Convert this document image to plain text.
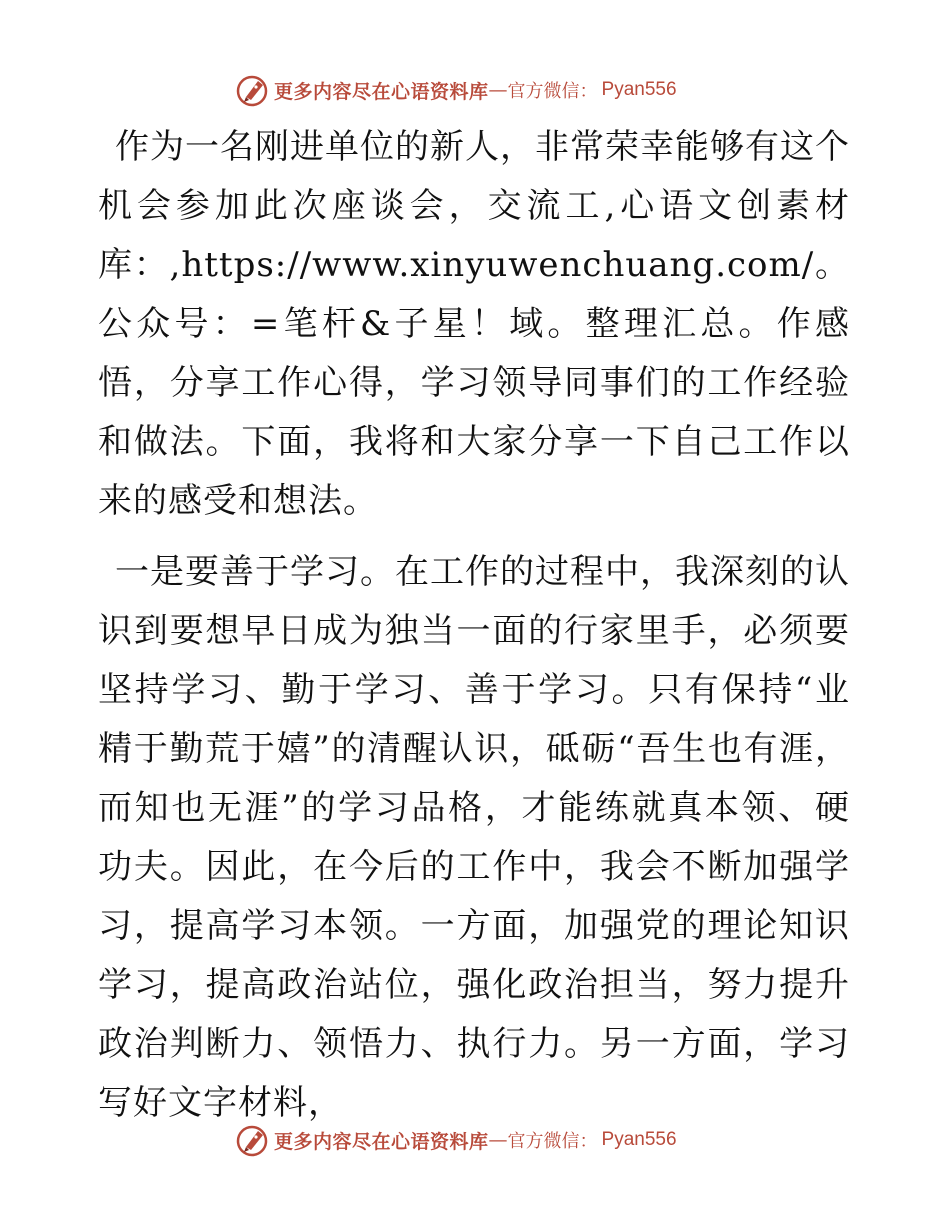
更多内容尽在心语资料库 — 官方微信： Pyan556

作为一名刚进单位的新人，非常荣幸能够有这个机会参加此次座谈会，交流工,心语文创素材库：,https://www.xinyuwenchuang.com/。公众号：=笔杆&子星！域。整理汇总。作感悟，分享工作心得，学习领导同事们的工作经验和做法。下面，我将和大家分享一下自己工作以来的感受和想法。

一是要善于学习。在工作的过程中，我深刻的认识到要想早日成为独当一面的行家里手，必须要坚持学习、勤于学习、善于学习。只有保持“业精于勤荒于嬉”的清醒认识，砥砺“吾生也有涯，而知也无涯”的学习品格，才能练就真本领、硬功夫。因此，在今后的工作中，我会不断加强学习，提高学习本领。一方面，加强党的理论知识学习，提高政治站位，强化政治担当，努力提升政治判断力、领悟力、执行力。另一方面，学习写好文字材料，

更多内容尽在心语资料库 — 官方微信： Pyan556
